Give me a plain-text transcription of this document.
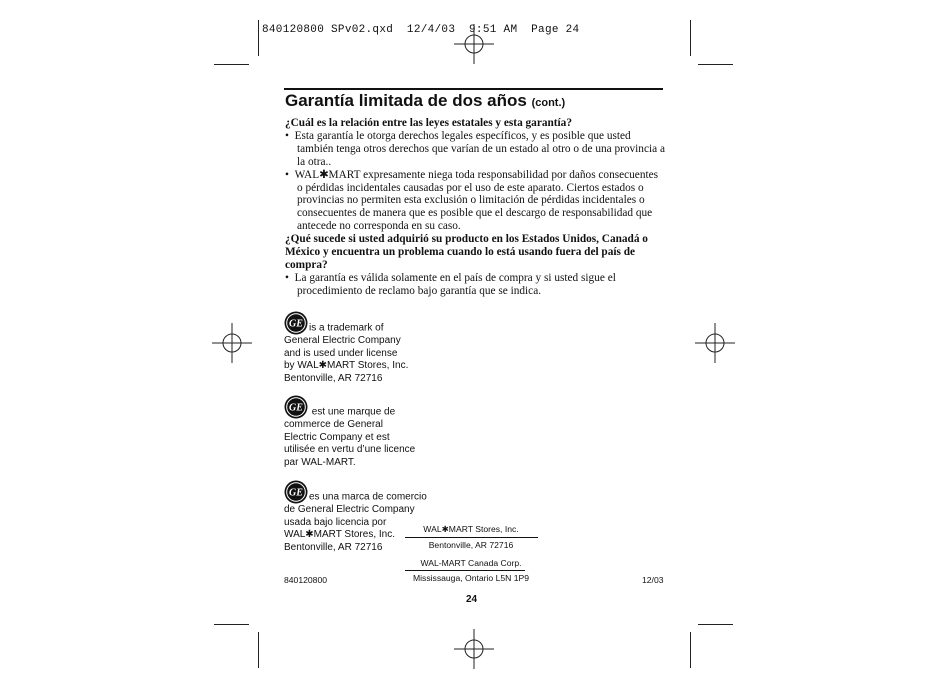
840120800 SPv02.qxd  12/4/03  9:51 AM  Page 24
Garantía limitada de dos años (cont.)
¿Cuál es la relación entre las leyes estatales y esta garantía?
• Esta garantía le otorga derechos legales específicos, y es posible que usted también tenga otros derechos que varían de un estado al otro o de una provincia a la otra..
• WAL✱MART expresamente niega toda responsabilidad por daños consecuentes o pérdidas incidentales causadas por el uso de este aparato. Ciertos estados o provincias no permiten esta exclusión o limitación de pérdidas incidentales o consecuentes de manera que es posible que el descargo de responsabilidad que antecede no corresponda en su caso.
¿Qué sucede si usted adquirió su producto en los Estados Unidos, Canadá o México y encuentra un problema cuando lo está usando fuera del país de compra?
• La garantía es válida solamente en el país de compra y si usted sigue el procedimiento de reclamo bajo garantía que se indica.
GE is a trademark of
General Electric Company
and is used under license
by WAL✱MART Stores, Inc.
Bentonville, AR 72716
GE est une marque de
commerce de General
Electric Company et est
utilisée en vertu d’une licence
par WAL-MART.
GE es una marca de comercio
de General Electric Company
usada bajo licencia por
WAL✱MART Stores, Inc.
Bentonville, AR 72716
WAL✱MART Stores, Inc.
Bentonville, AR 72716
WAL-MART Canada Corp.
Mississauga, Ontario L5N 1P9
840120800	12/03
24
